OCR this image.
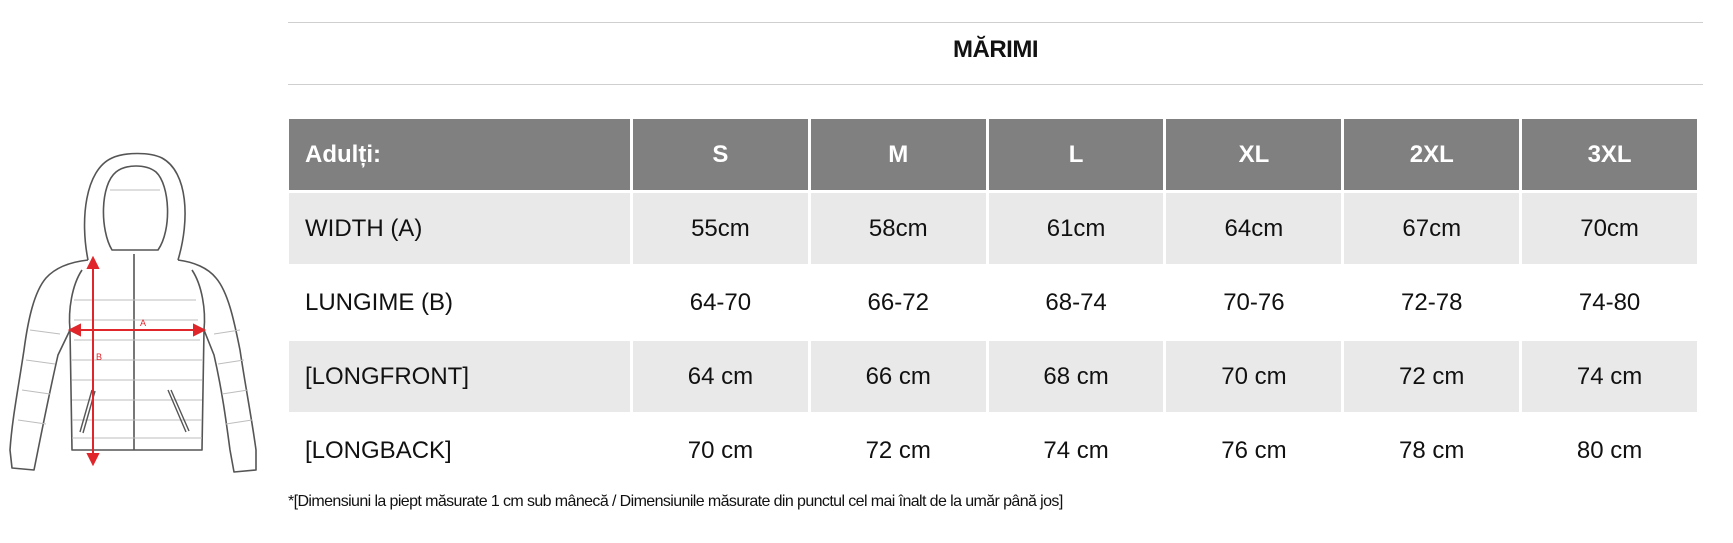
A
B
MĂRIMI
Adulți:	S	M	L	XL	2XL	3XL
WIDTH (A)	55cm	58cm	61cm	64cm	67cm	70cm
LUNGIME (B)	64-70	66-72	68-74	70-76	72-78	74-80
[LONGFRONT]	64 cm	66 cm	68 cm	70 cm	72 cm	74 cm
[LONGBACK]	70 cm	72 cm	74 cm	76 cm	78 cm	80 cm
*[Dimensiuni la piept măsurate 1 cm sub mânecă / Dimensiunile măsurate din punctul cel mai înalt de la umăr până jos]
